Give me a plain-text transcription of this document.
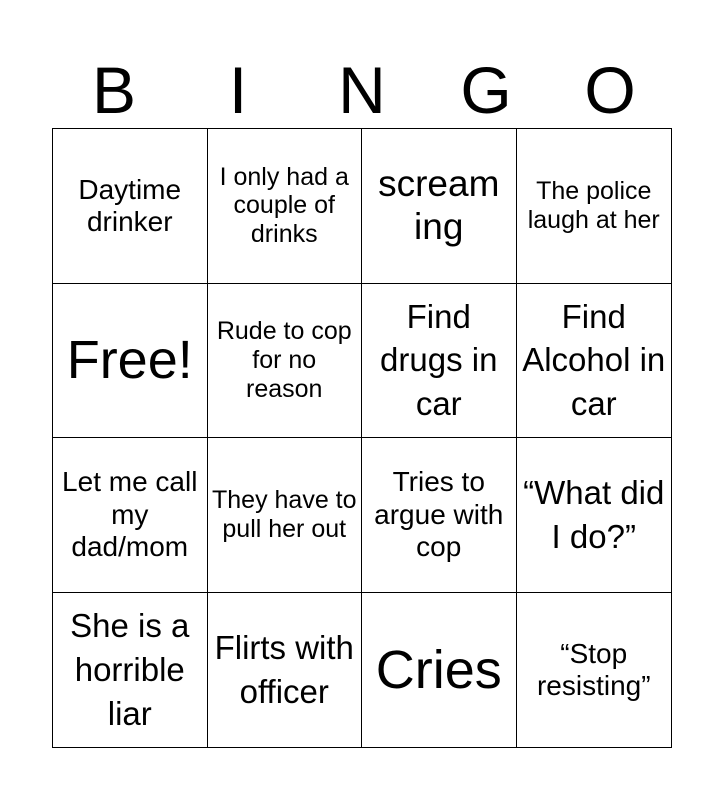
B	I	N	G	O
Daytime drinker
I only had a couple of drinks
scream ing
The police laugh at her
Free! Rude to cop for no reason
Find drugs in car
Find Alcohol in car
Let me call my dad/mom
They have to pull her out
Tries to argue with cop
“What did I do?”
She is a horrible liar
Flirts with officer Cries	“Stop resisting”
